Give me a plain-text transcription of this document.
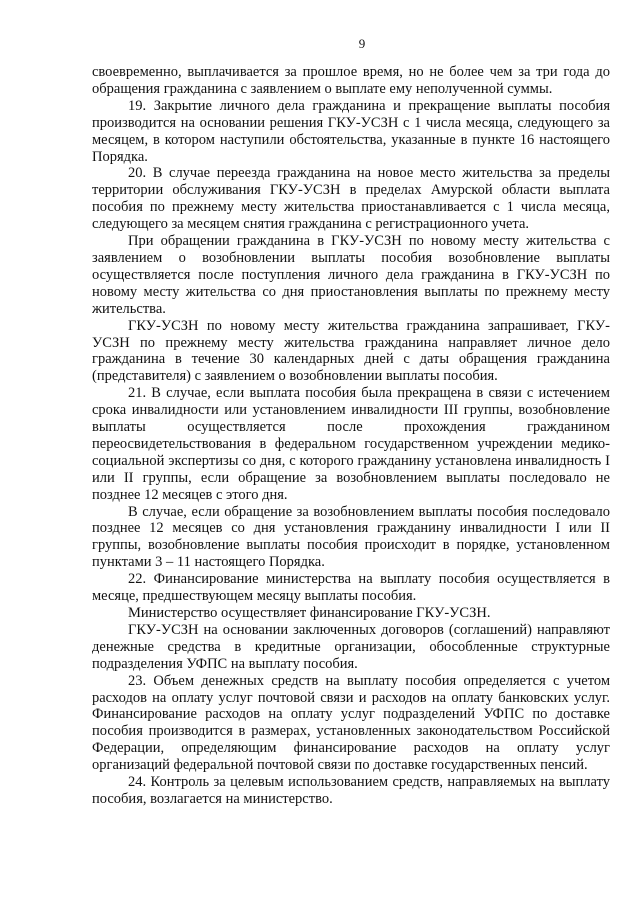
9

своевременно, выплачивается за прошлое время, но не более чем за три года до обращения гражданина с заявлением о выплате ему неполученной суммы.

19. Закрытие личного дела гражданина и прекращение выплаты пособия производится на основании решения ГКУ-УСЗН с 1 числа месяца, следующего за месяцем, в котором наступили обстоятельства, указанные в пункте 16 настоящего Порядка.

20. В случае переезда гражданина на новое место жительства за пределы территории обслуживания ГКУ-УСЗН в пределах Амурской области выплата пособия по прежнему месту жительства приостанавливается с 1 числа месяца, следующего за месяцем снятия гражданина с регистрационного учета.

При обращении гражданина в ГКУ-УСЗН по новому месту жительства с заявлением о возобновлении выплаты пособия возобновление выплаты осуществляется после поступления личного дела гражданина в ГКУ-УСЗН по новому месту жительства со дня приостановления выплаты по прежнему месту жительства.

ГКУ-УСЗН по новому месту жительства гражданина запрашивает, ГКУ-УСЗН по прежнему месту жительства гражданина направляет личное дело гражданина в течение 30 календарных дней с даты обращения гражданина (представителя) с заявлением о возобновлении выплаты пособия.

21. В случае, если выплата пособия была прекращена в связи с истечением срока инвалидности или установлением инвалидности III группы, возобновление выплаты осуществляется после прохождения гражданином переосвидетельствования в федеральном государственном учреждении медико-социальной экспертизы со дня, с которого гражданину установлена инвалидность I или II группы, если обращение за возобновлением выплаты последовало не позднее 12 месяцев с этого дня.

В случае, если обращение за возобновлением выплаты пособия последовало позднее 12 месяцев со дня установления гражданину инвалидности I или II группы, возобновление выплаты пособия происходит в порядке, установленном пунктами 3 – 11 настоящего Порядка.

22. Финансирование министерства на выплату пособия осуществляется в месяце, предшествующем месяцу выплаты пособия.

Министерство осуществляет финансирование ГКУ-УСЗН.

ГКУ-УСЗН на основании заключенных договоров (соглашений) направляют денежные средства в кредитные организации, обособленные структурные подразделения УФПС на выплату пособия.

23. Объем денежных средств на выплату пособия определяется с учетом расходов на оплату услуг почтовой связи и расходов на оплату банковских услуг. Финансирование расходов на оплату услуг подразделений УФПС по доставке пособия производится в размерах, установленных законодательством Российской Федерации, определяющим финансирование расходов на оплату услуг организаций федеральной почтовой связи по доставке государственных пенсий.

24. Контроль за целевым использованием средств, направляемых на выплату пособия, возлагается на министерство.
